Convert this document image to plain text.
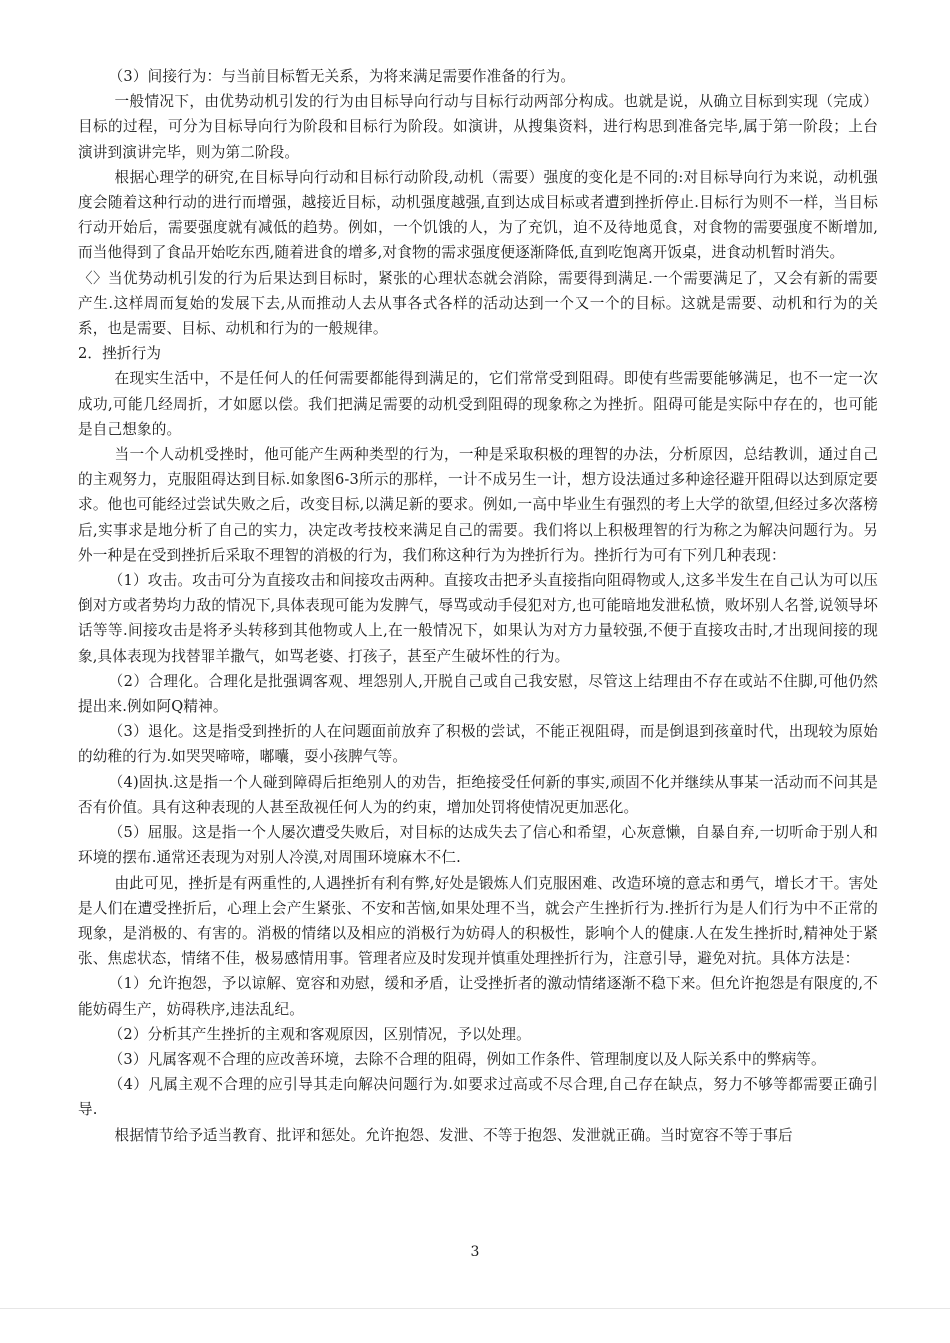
（3）间接行为：与当前目标暂无关系，为将来满足需要作准备的行为。

一般情况下，由优势动机引发的行为由目标导向行动与目标行动两部分构成。也就是说，从确立目标到实现（完成）目标的过程，可分为目标导向行为阶段和目标行为阶段。如演讲，从搜集资料，进行构思到准备完毕,属于第一阶段；上台演讲到演讲完毕，则为第二阶段。

根据心理学的研究,在目标导向行动和目标行动阶段,动机（需要）强度的变化是不同的:对目标导向行为来说，动机强度会随着这种行动的进行而增强，越接近目标，动机强度越强,直到达成目标或者遭到挫折停止.目标行为则不一样，当目标行动开始后，需要强度就有减低的趋势。例如，一个饥饿的人，为了充饥，迫不及待地觅食，对食物的需要强度不断增加,而当他得到了食品开始吃东西,随着进食的增多,对食物的需求强度便逐渐降低,直到吃饱离开饭桌，进食动机暂时消失。

〈〉当优势动机引发的行为后果达到目标时，紧张的心理状态就会消除，需要得到满足.一个需要满足了，又会有新的需要产生.这样周而复始的发展下去,从而推动人去从事各式各样的活动达到一个又一个的目标。这就是需要、动机和行为的关系，也是需要、目标、动机和行为的一般规律。

2．挫折行为

在现实生活中，不是任何人的任何需要都能得到满足的，它们常常受到阻碍。即使有些需要能够满足，也不一定一次成功,可能几经周折，才如愿以偿。我们把满足需要的动机受到阻碍的现象称之为挫折。阻碍可能是实际中存在的，也可能是自己想象的。

当一个人动机受挫时，他可能产生两种类型的行为，一种是采取积极的理智的办法，分析原因，总结教训，通过自己的主观努力，克服阻碍达到目标.如象图6-3所示的那样，一计不成另生一计，想方设法通过多种途径避开阻碍以达到原定要求。他也可能经过尝试失败之后，改变目标,以满足新的要求。例如,一高中毕业生有强烈的考上大学的欲望,但经过多次落榜后,实事求是地分析了自己的实力，决定改考技校来满足自己的需要。我们将以上积极理智的行为称之为解决问题行为。另外一种是在受到挫折后采取不理智的消极的行为，我们称这种行为为挫折行为。挫折行为可有下列几种表现：

（1）攻击。攻击可分为直接攻击和间接攻击两种。直接攻击把矛头直接指向阻碍物或人,这多半发生在自己认为可以压倒对方或者势均力敌的情况下,具体表现可能为发脾气，辱骂或动手侵犯对方,也可能暗地发泄私愤，败坏别人名誉,说领导坏话等等.间接攻击是将矛头转移到其他物或人上,在一般情况下，如果认为对方力量较强,不便于直接攻击时,才出现间接的现象,具体表现为找替罪羊撒气，如骂老婆、打孩子，甚至产生破坏性的行为。

（2）合理化。合理化是批强调客观、埋怨别人,开脱自己或自己我安慰，尽管这上结理由不存在或站不住脚,可他仍然提出来.例如阿Q精神。

（3）退化。这是指受到挫折的人在问题面前放弃了积极的尝试，不能正视阻碍，而是倒退到孩童时代，出现较为原始的幼稚的行为.如哭哭啼啼，嘟囔，耍小孩脾气等。

（4)固执.这是指一个人碰到障碍后拒绝别人的劝告，拒绝接受任何新的事实,顽固不化并继续从事某一活动而不问其是否有价值。具有这种表现的人甚至敌视任何人为的约束，增加处罚将使情况更加恶化。

（5）屈服。这是指一个人屡次遭受失败后，对目标的达成失去了信心和希望，心灰意懒，自暴自弃,一切听命于别人和环境的摆布.通常还表现为对别人冷漠,对周围环境麻木不仁.

由此可见，挫折是有两重性的,人遇挫折有利有弊,好处是锻炼人们克服困难、改造环境的意志和勇气，增长才干。害处是人们在遭受挫折后，心理上会产生紧张、不安和苦恼,如果处理不当，就会产生挫折行为.挫折行为是人们行为中不正常的现象，是消极的、有害的。消极的情绪以及相应的消极行为妨碍人的积极性，影响个人的健康.人在发生挫折时,精神处于紧张、焦虑状态，情绪不佳，极易感情用事。管理者应及时发现并慎重处理挫折行为，注意引导，避免对抗。具体方法是：

（1）允许抱怨，予以谅解、宽容和劝慰，缓和矛盾，让受挫折者的激动情绪逐渐不稳下来。但允许抱怨是有限度的,不能妨碍生产，妨碍秩序,违法乱纪。

（2）分析其产生挫折的主观和客观原因，区别情况，予以处理。

（3）凡属客观不合理的应改善环境，去除不合理的阻碍，例如工作条件、管理制度以及人际关系中的弊病等。

（4）凡属主观不合理的应引导其走向解决问题行为.如要求过高或不尽合理,自己存在缺点，努力不够等都需要正确引导.

根据情节给予适当教育、批评和惩处。允许抱怨、发泄、不等于抱怨、发泄就正确。当时宽容不等于事后

3
